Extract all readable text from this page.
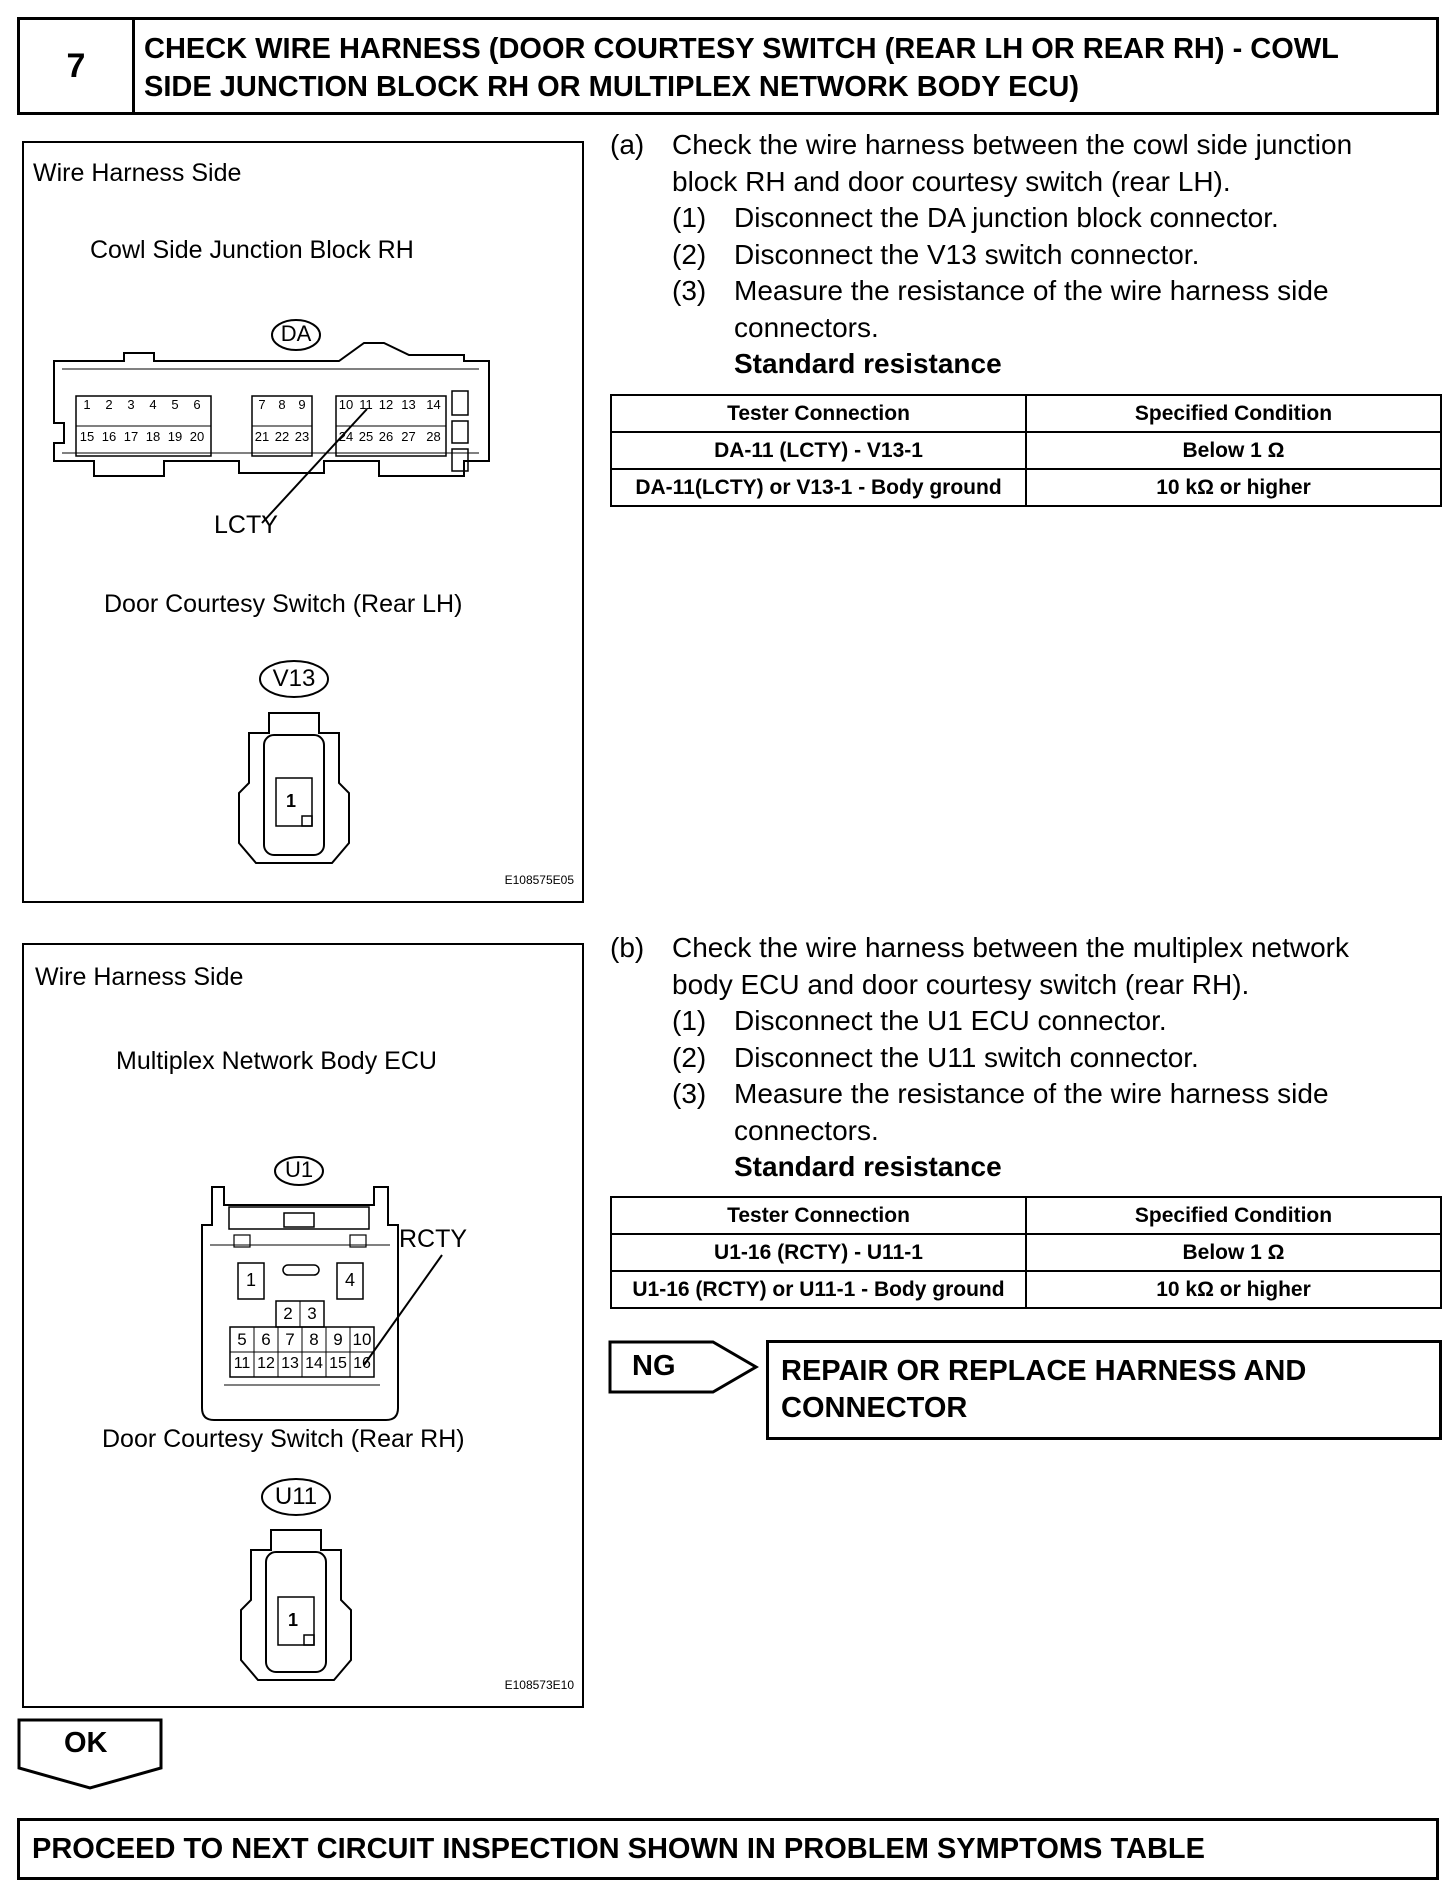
7	CHECK WIRE HARNESS (DOOR COURTESY SWITCH (REAR LH OR REAR RH) - COWL
SIDE JUNCTION BLOCK RH OR MULTIPLEX NETWORK BODY ECU)
Wire Harness Side
Cowl Side Junction Block RH
DA
1	2	3	4	5	6	7 8 9	10 11 12 13 14
15 16 17 18 19 20	21 22 23 24 25 26 27 28
LCTY
Door Courtesy Switch (Rear LH)
V13
1
E108575E05
(a) Check the wire harness between the cowl side junction
block RH and door courtesy switch (rear LH).
(1) Disconnect the DA junction block connector.
(2) Disconnect the V13 switch connector.
(3) Measure the resistance of the wire harness side
connectors.
Standard resistance
Tester Connection	Specified Condition
DA-11 (LCTY) - V13-1	Below 1 Ω
DA-11(LCTY) or V13-1 - Body ground	10 kΩ or higher
Wire Harness Side
Multiplex Network Body ECU
U1
1	4
2 3
5 6 7 8 9 10
11 12 13 14 15 16
RCTY
Door Courtesy Switch (Rear RH)
U11
1
E108573E10
(b) Check the wire harness between the multiplex network
body ECU and door courtesy switch (rear RH).
(1) Disconnect the U1 ECU connector.
(2) Disconnect the U11 switch connector.
(3) Measure the resistance of the wire harness side
connectors.
Standard resistance
Tester Connection	Specified Condition
U1-16 (RCTY) - U11-1	Below 1 Ω
U1-16 (RCTY) or U11-1 - Body ground	10 kΩ or higher
NG	REPAIR OR REPLACE HARNESS AND
CONNECTOR
OK
PROCEED TO NEXT CIRCUIT INSPECTION SHOWN IN PROBLEM SYMPTOMS TABLE
